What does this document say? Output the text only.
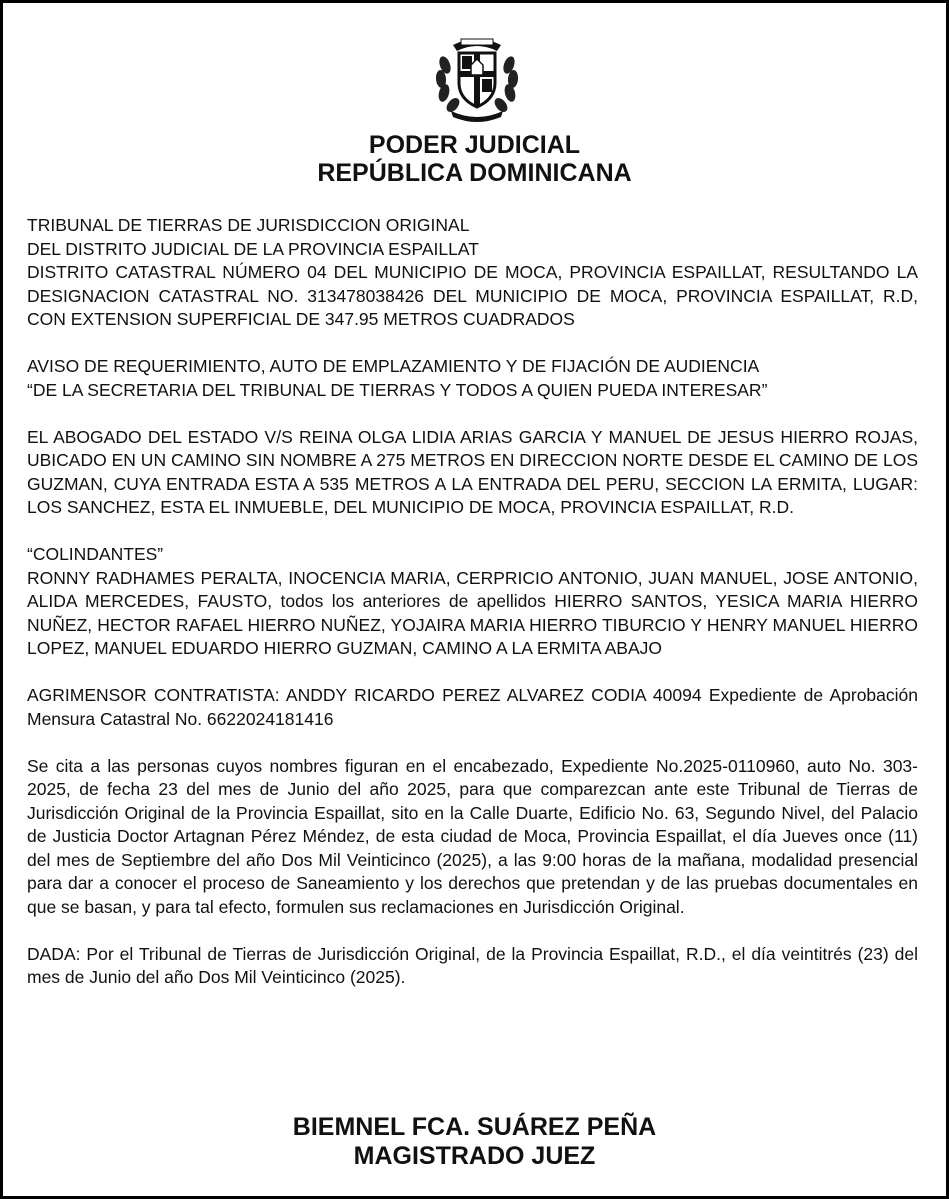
PODER JUDICIAL
REPÚBLICA DOMINICANA

TRIBUNAL DE TIERRAS DE JURISDICCION ORIGINAL

DEL DISTRITO JUDICIAL DE LA PROVINCIA ESPAILLAT

DISTRITO CATASTRAL NÚMERO 04 DEL MUNICIPIO DE MOCA, PROVINCIA ESPAILLAT, RESULTANDO LA DESIGNACION CATASTRAL NO. 313478038426 DEL MUNICIPIO DE MOCA, PROVINCIA ESPAILLAT, R.D, CON EXTENSION SUPERFICIAL DE 347.95 METROS CUADRADOS

AVISO DE REQUERIMIENTO, AUTO DE EMPLAZAMIENTO Y DE FIJACIÓN DE AUDIENCIA

“DE LA SECRETARIA DEL TRIBUNAL DE TIERRAS Y TODOS A QUIEN PUEDA INTERESAR”

EL ABOGADO DEL ESTADO V/S REINA OLGA LIDIA ARIAS GARCIA Y MANUEL DE JESUS HIERRO ROJAS, UBICADO EN UN CAMINO SIN NOMBRE A 275 METROS EN DIRECCION NORTE DESDE EL CAMINO DE LOS GUZMAN, CUYA ENTRADA ESTA A 535 METROS A LA ENTRADA DEL PERU, SECCION LA ERMITA, LUGAR: LOS SANCHEZ, ESTA EL INMUEBLE, DEL MUNICIPIO DE MOCA, PROVINCIA ESPAILLAT, R.D.

“COLINDANTES”

RONNY RADHAMES PERALTA, INOCENCIA MARIA, CERPRICIO ANTONIO, JUAN MANUEL, JOSE ANTONIO, ALIDA MERCEDES, FAUSTO, todos los anteriores de apellidos HIERRO SANTOS, YESICA MARIA HIERRO NUÑEZ, HECTOR RAFAEL HIERRO NUÑEZ, YOJAIRA MARIA HIERRO TIBURCIO Y HENRY MANUEL HIERRO LOPEZ, MANUEL EDUARDO HIERRO GUZMAN, CAMINO A LA ERMITA ABAJO

AGRIMENSOR CONTRATISTA: ANDDY RICARDO PEREZ ALVAREZ CODIA 40094 Expediente de Aprobación Mensura Catastral No. 6622024181416

Se cita a las personas cuyos nombres figuran en el encabezado, Expediente No.2025-0110960, auto No. 303-2025, de fecha 23 del mes de Junio del año 2025, para que comparezcan ante este Tribunal de Tierras de Jurisdicción Original de la Provincia Espaillat, sito en la Calle Duarte, Edificio No. 63, Segundo Nivel, del Palacio de Justicia Doctor Artagnan Pérez Méndez, de esta ciudad de Moca, Provincia Espaillat, el día Jueves once (11) del mes de Septiembre del año Dos Mil Veinticinco (2025), a las 9:00 horas de la mañana, modalidad presencial para dar a conocer el proceso de Saneamiento y los derechos que pretendan y de las pruebas documentales en que se basan, y para tal efecto, formulen sus reclamaciones en Jurisdicción Original.

DADA: Por el Tribunal de Tierras de Jurisdicción Original, de la Provincia Espaillat, R.D., el día veintitrés (23) del mes de Junio del año Dos Mil Veinticinco (2025).

BIEMNEL FCA. SUÁREZ PEÑA
MAGISTRADO JUEZ
